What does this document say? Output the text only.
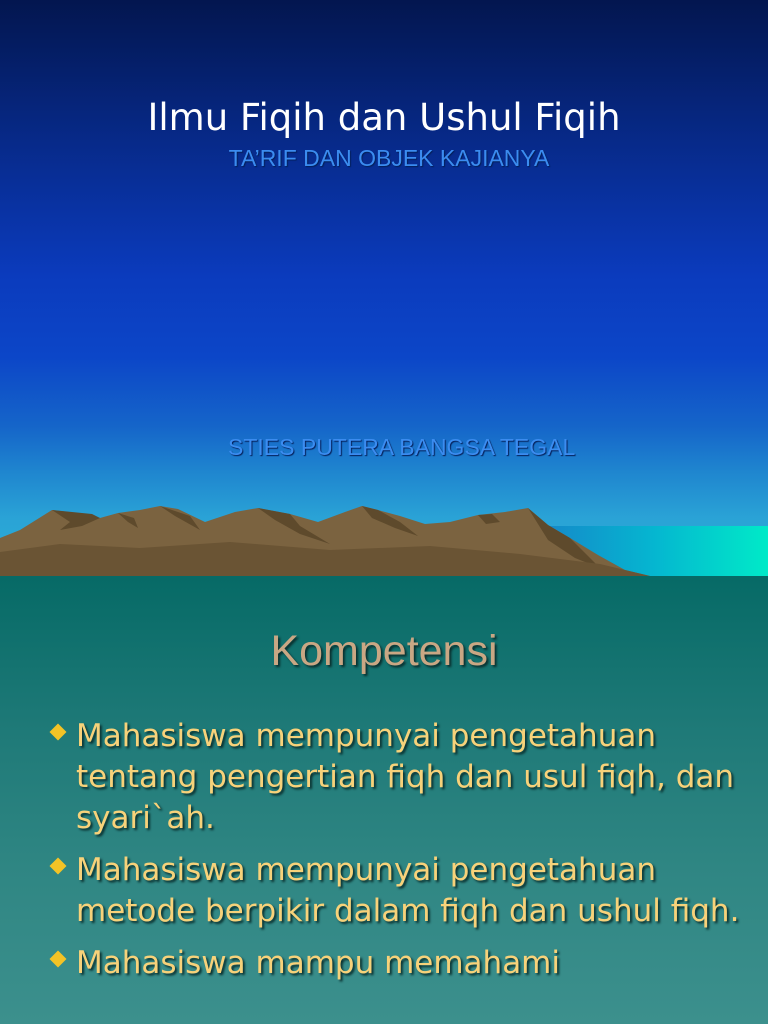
Ilmu Fiqih dan Ushul Fiqih
TA’RIF DAN OBJEK KAJIANYA
STIES PUTERA BANGSA TEGAL
Kompetensi
Mahasiswa mempunyai pengetahuan tentang pengertian fiqh dan usul fiqh, dan syari`ah.
Mahasiswa mempunyai pengetahuan metode berpikir dalam fiqh dan ushul fiqh.
Mahasiswa mampu memahami
